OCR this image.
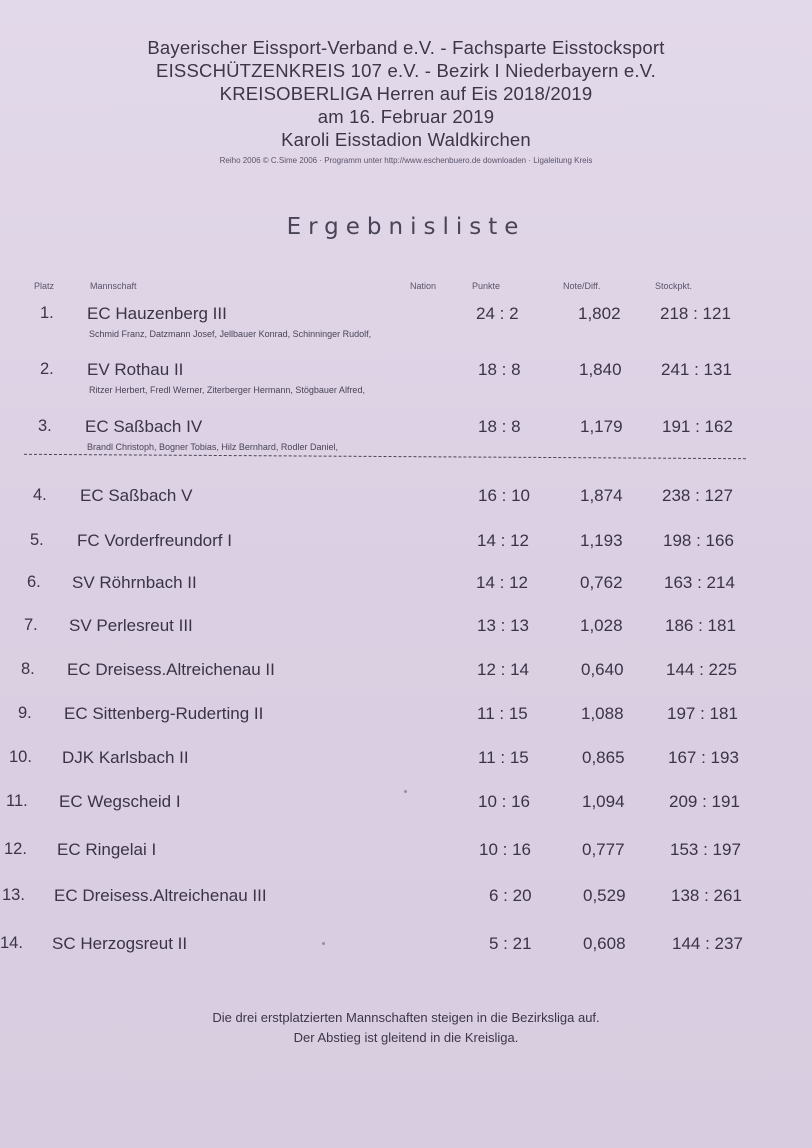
Bayerischer Eissport-Verband e.V. - Fachsparte Eisstocksport
EISSCHÜTZENKREIS 107 e.V. - Bezirk I Niederbayern e.V.
KREISOBERLIGA Herren auf Eis 2018/2019
am 16. Februar 2019
Karoli Eisstadion Waldkirchen
Reiho 2006 © C.Sime 2006 · Programm unter http://www.eschenbuero.de downloaden · Ligaleitung Kreis
Ergebnisliste
Platz	Mannschaft	Nation	Punkte	Note/Diff.	Stockpkt.
1. EC Hauzenberg III	24 : 2	1,802 218 : 121
Schmid Franz, Datzmann Josef, Jellbauer Konrad, Schinninger Rudolf,
2. EV Rothau II	18 : 8	1,840 241 : 131
Ritzer Herbert, Fredl Werner, Ziterberger Hermann, Stögbauer Alfred,
3. EC Saßbach IV	18 : 8	1,179 191 : 162
Brandl Christoph, Bogner Tobias, Hilz Bernhard, Rodler Daniel,
4. EC Saßbach V	16 : 10	1,874 238 : 127
5. FC Vorderfreundorf I	14 : 12	1,193 198 : 166
6. SV Röhrnbach II	14 : 12	0,762 163 : 214
7. SV Perlesreut III	13 : 13	1,028 186 : 181
8. EC Dreisess.Altreichenau II	12 : 14	0,640 144 : 225
9. EC Sittenberg-Ruderting II	11 : 15	1,088	197 : 181
10. DJK Karlsbach II	11 : 15	0,865	167 : 193
11. EC Wegscheid I	10 : 16	1,094	209 : 191
12. EC Ringelai I	10 : 16	0,777	153 : 197
13. EC Dreisess.Altreichenau III	6 : 20	0,529	138 : 261
14. SC Herzogsreut II	5 : 21	0,608	144 : 237
Die drei erstplatzierten Mannschaften steigen in die Bezirksliga auf.
Der Abstieg ist gleitend in die Kreisliga.
